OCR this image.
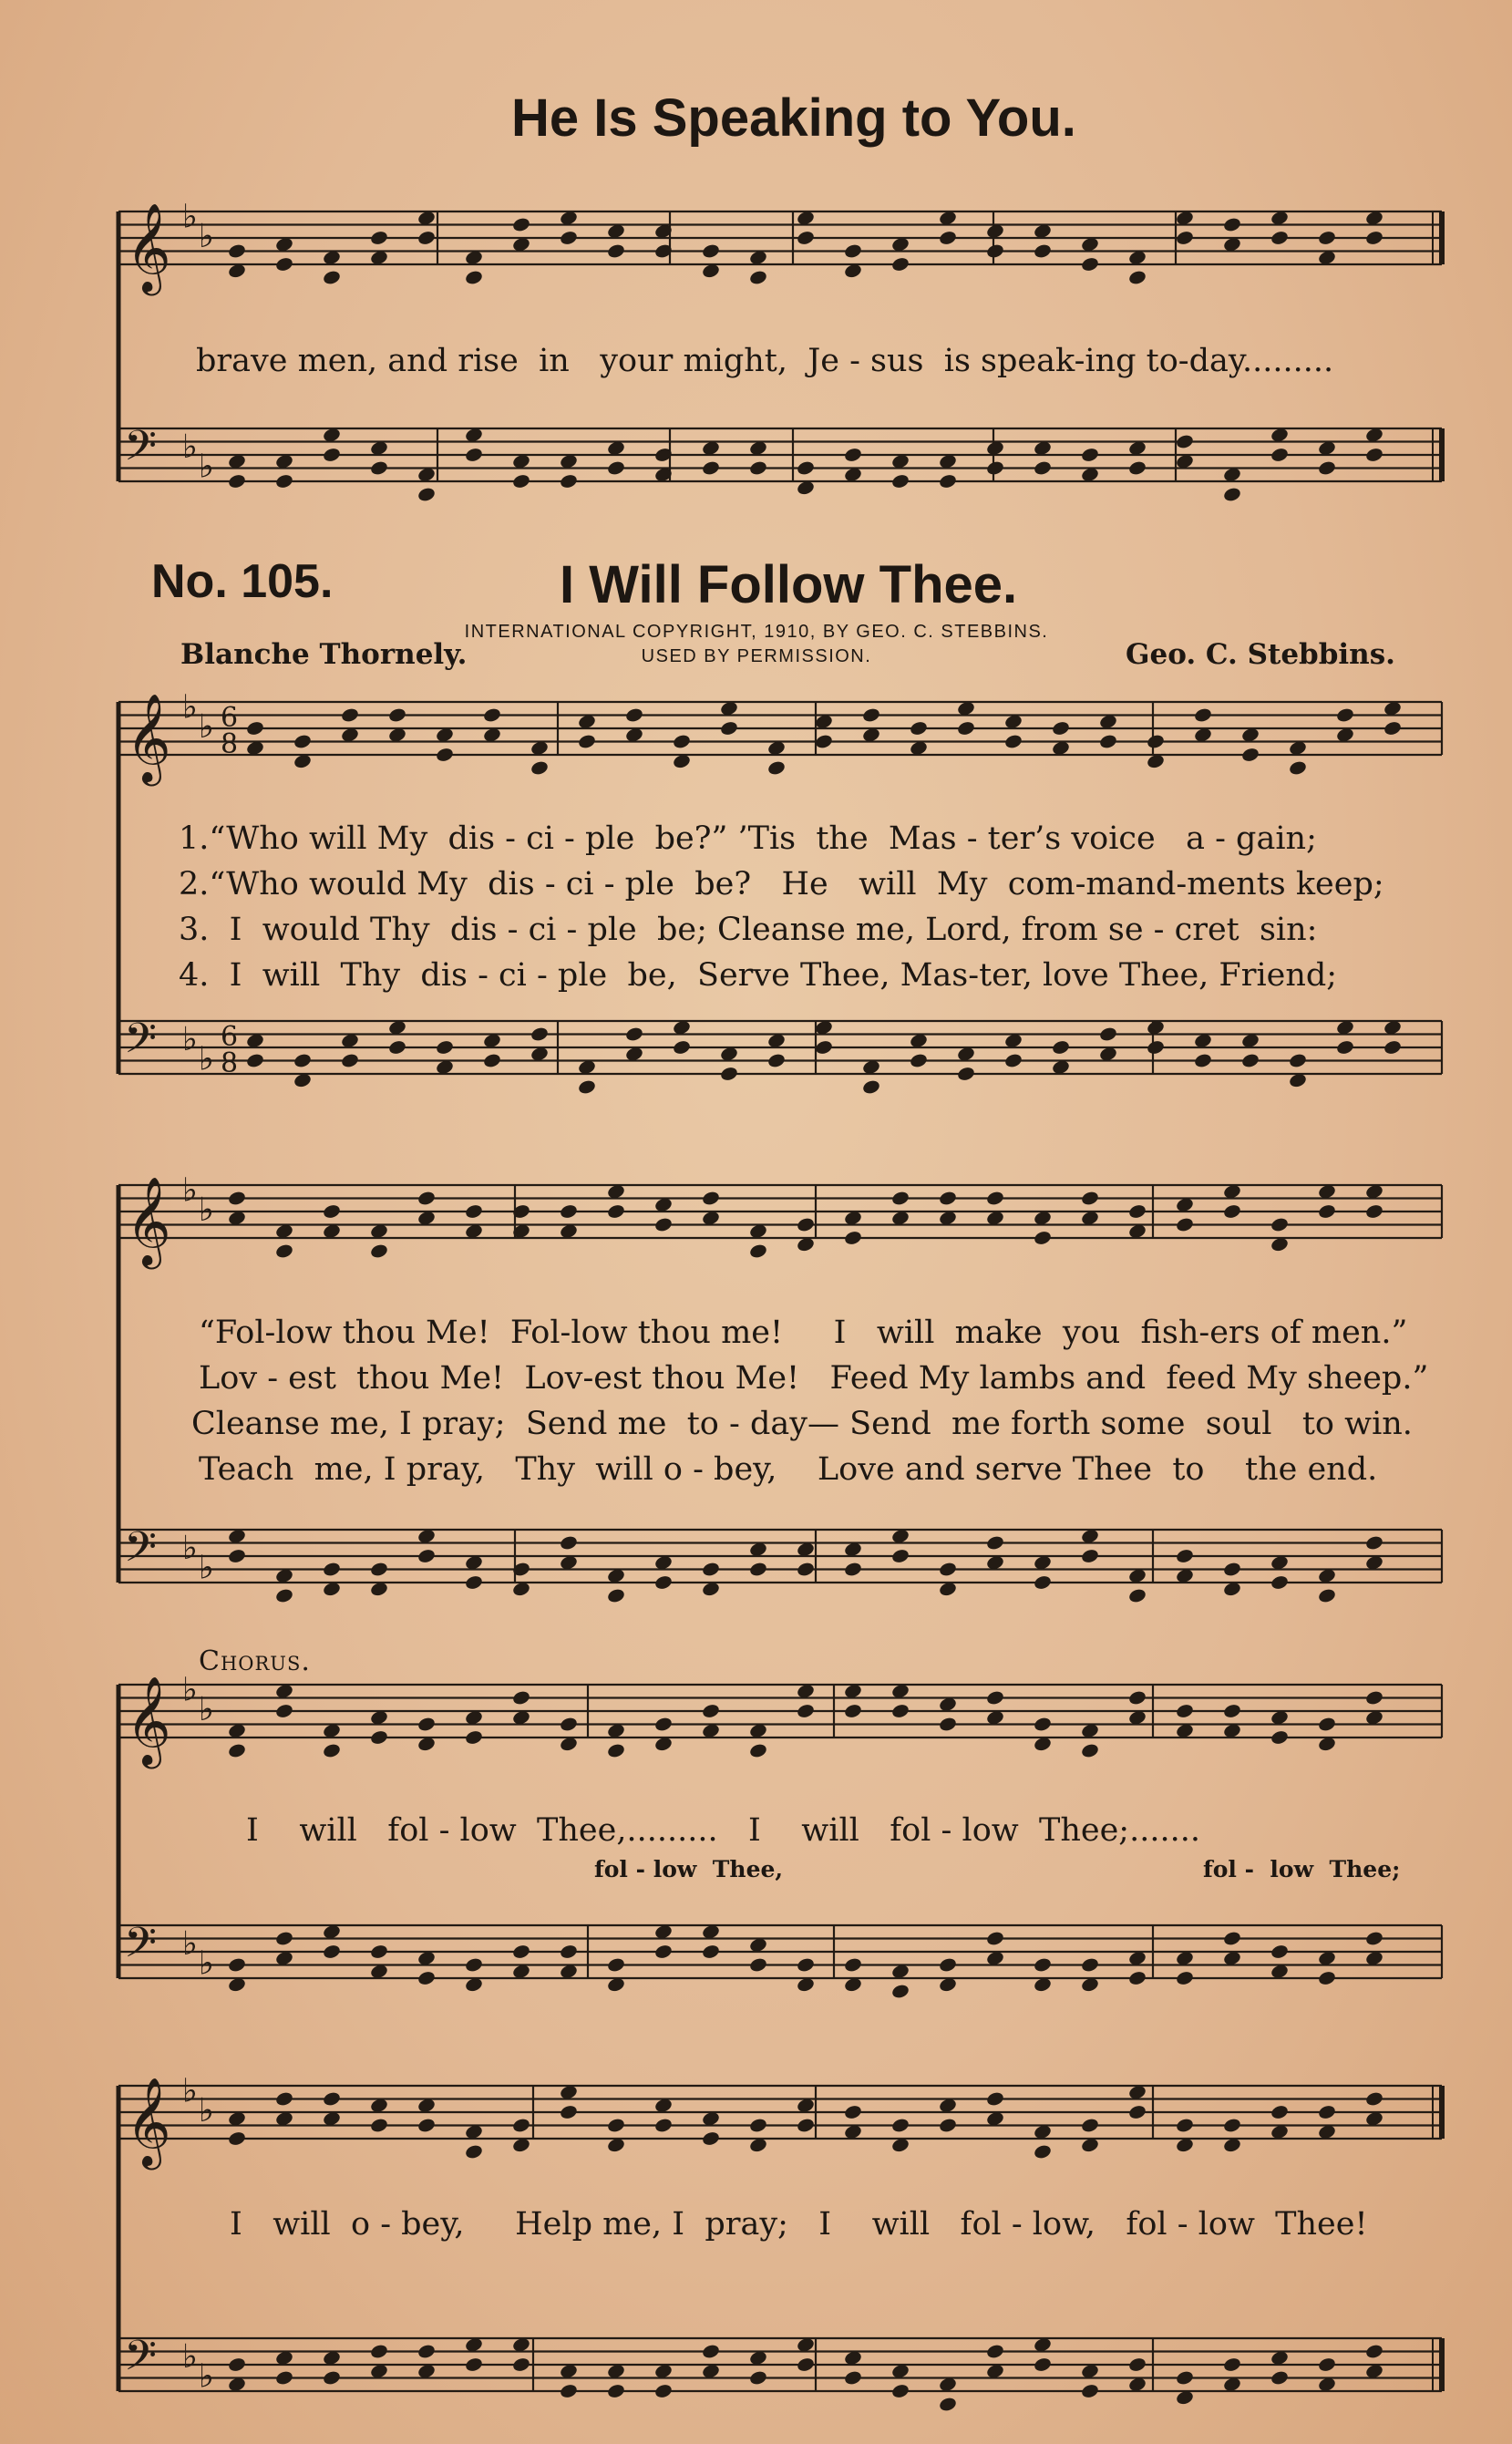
𝄞 ♭
♭
𝄢 ♭
♭
𝄞 ♭
♭ 6
8
𝄢 ♭
♭
6
8
𝄞 ♭
♭
𝄢 ♭
♭
𝄞 ♭
♭
𝄢 ♭
♭
𝄞 ♭
♭
𝄢 ♭
♭
He Is Speaking to You.
brave men, and rise  in   your might,  Je - sus  is speak-ing to-day.........
No. 105.	I Will Follow Thee.
INTERNATIONAL COPYRIGHT, 1910, BY GEO. C. STEBBINS.
USED BY PERMISSION.
Blanche Thornely.	Geo. C. Stebbins.
1.“Who will My  dis - ci - ple  be?” ’Tis  the  Mas - ter’s voice   a - gain;
2.“Who would My  dis - ci - ple  be?   He   will  My  com-mand-ments keep;
3.  I  would Thy  dis - ci - ple  be; Cleanse me, Lord, from se - cret  sin:
4.  I  will  Thy  dis - ci - ple  be,  Serve Thee, Mas-ter, love Thee, Friend;
“Fol-low thou Me!  Fol-low thou me!     I   will  make  you  fish-ers of men.”
Lov - est  thou Me!  Lov-est thou Me!   Feed My lambs and  feed My sheep.”
Cleanse me, I pray;  Send me  to - day— Send  me forth some  soul   to win.
Teach  me, I pray,   Thy  will o - bey,    Love and serve Thee  to    the end.
Chorus.
I    will   fol - low  Thee,.........   I    will   fol - low  Thee;.......
fol - low  Thee,	fol -  low  Thee;
I   will  o - bey,     Help me, I  pray;   I    will   fol - low,   fol - low  Thee!
